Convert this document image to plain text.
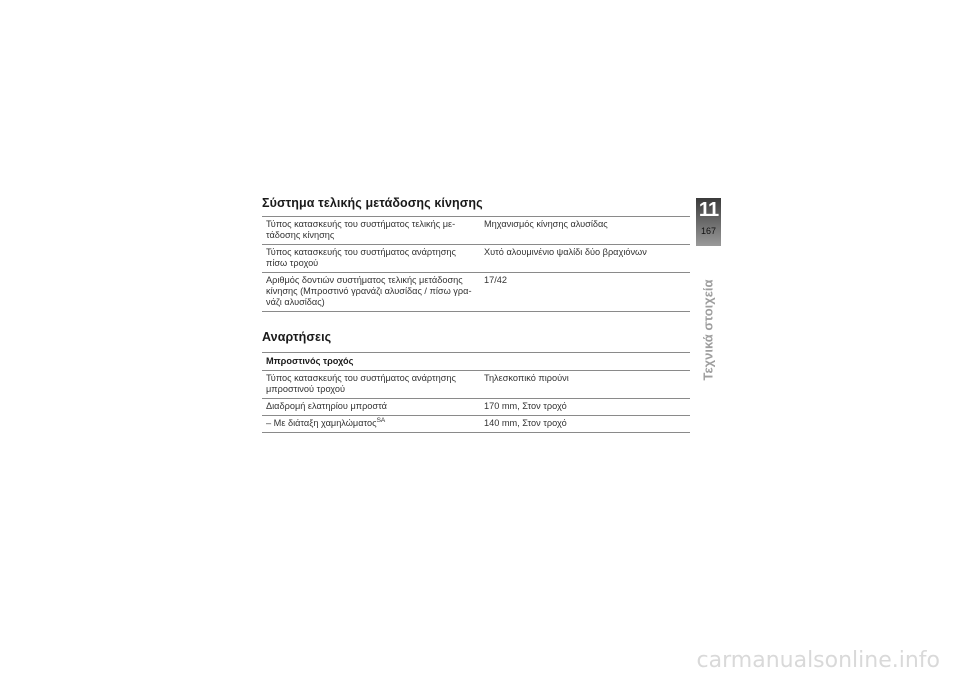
Σύστημα τελικής μετάδοσης κίνησης
Τύπος κατασκευής του συστήματος τελικής με-τάδοσης κίνησης	Μηχανισμός κίνησης αλυσίδας
Τύπος κατασκευής του συστήματος ανάρτησης πίσω τροχού	Χυτό αλουμινένιο ψαλίδι δύο βραχιόνων
Αριθμός δοντιών συστήματος τελικής μετάδοσης κίνησης (Μπροστινό γρανάζι αλυσίδας / πίσω γρα-νάζι αλυσίδας)	17/42
Αναρτήσεις
Μπροστινός τροχός	
Τύπος κατασκευής του συστήματος ανάρτησης μπροστινού τροχού	Τηλεσκοπικό πιρούνι
Διαδρομή ελατηρίου μπροστά	170 mm, Στον τροχό
– Με διάταξη χαμηλώματος$^{SA}$	140 mm, Στον τροχό
11
167
Τεχνικά στοιχεία
carmanualsonline.info
